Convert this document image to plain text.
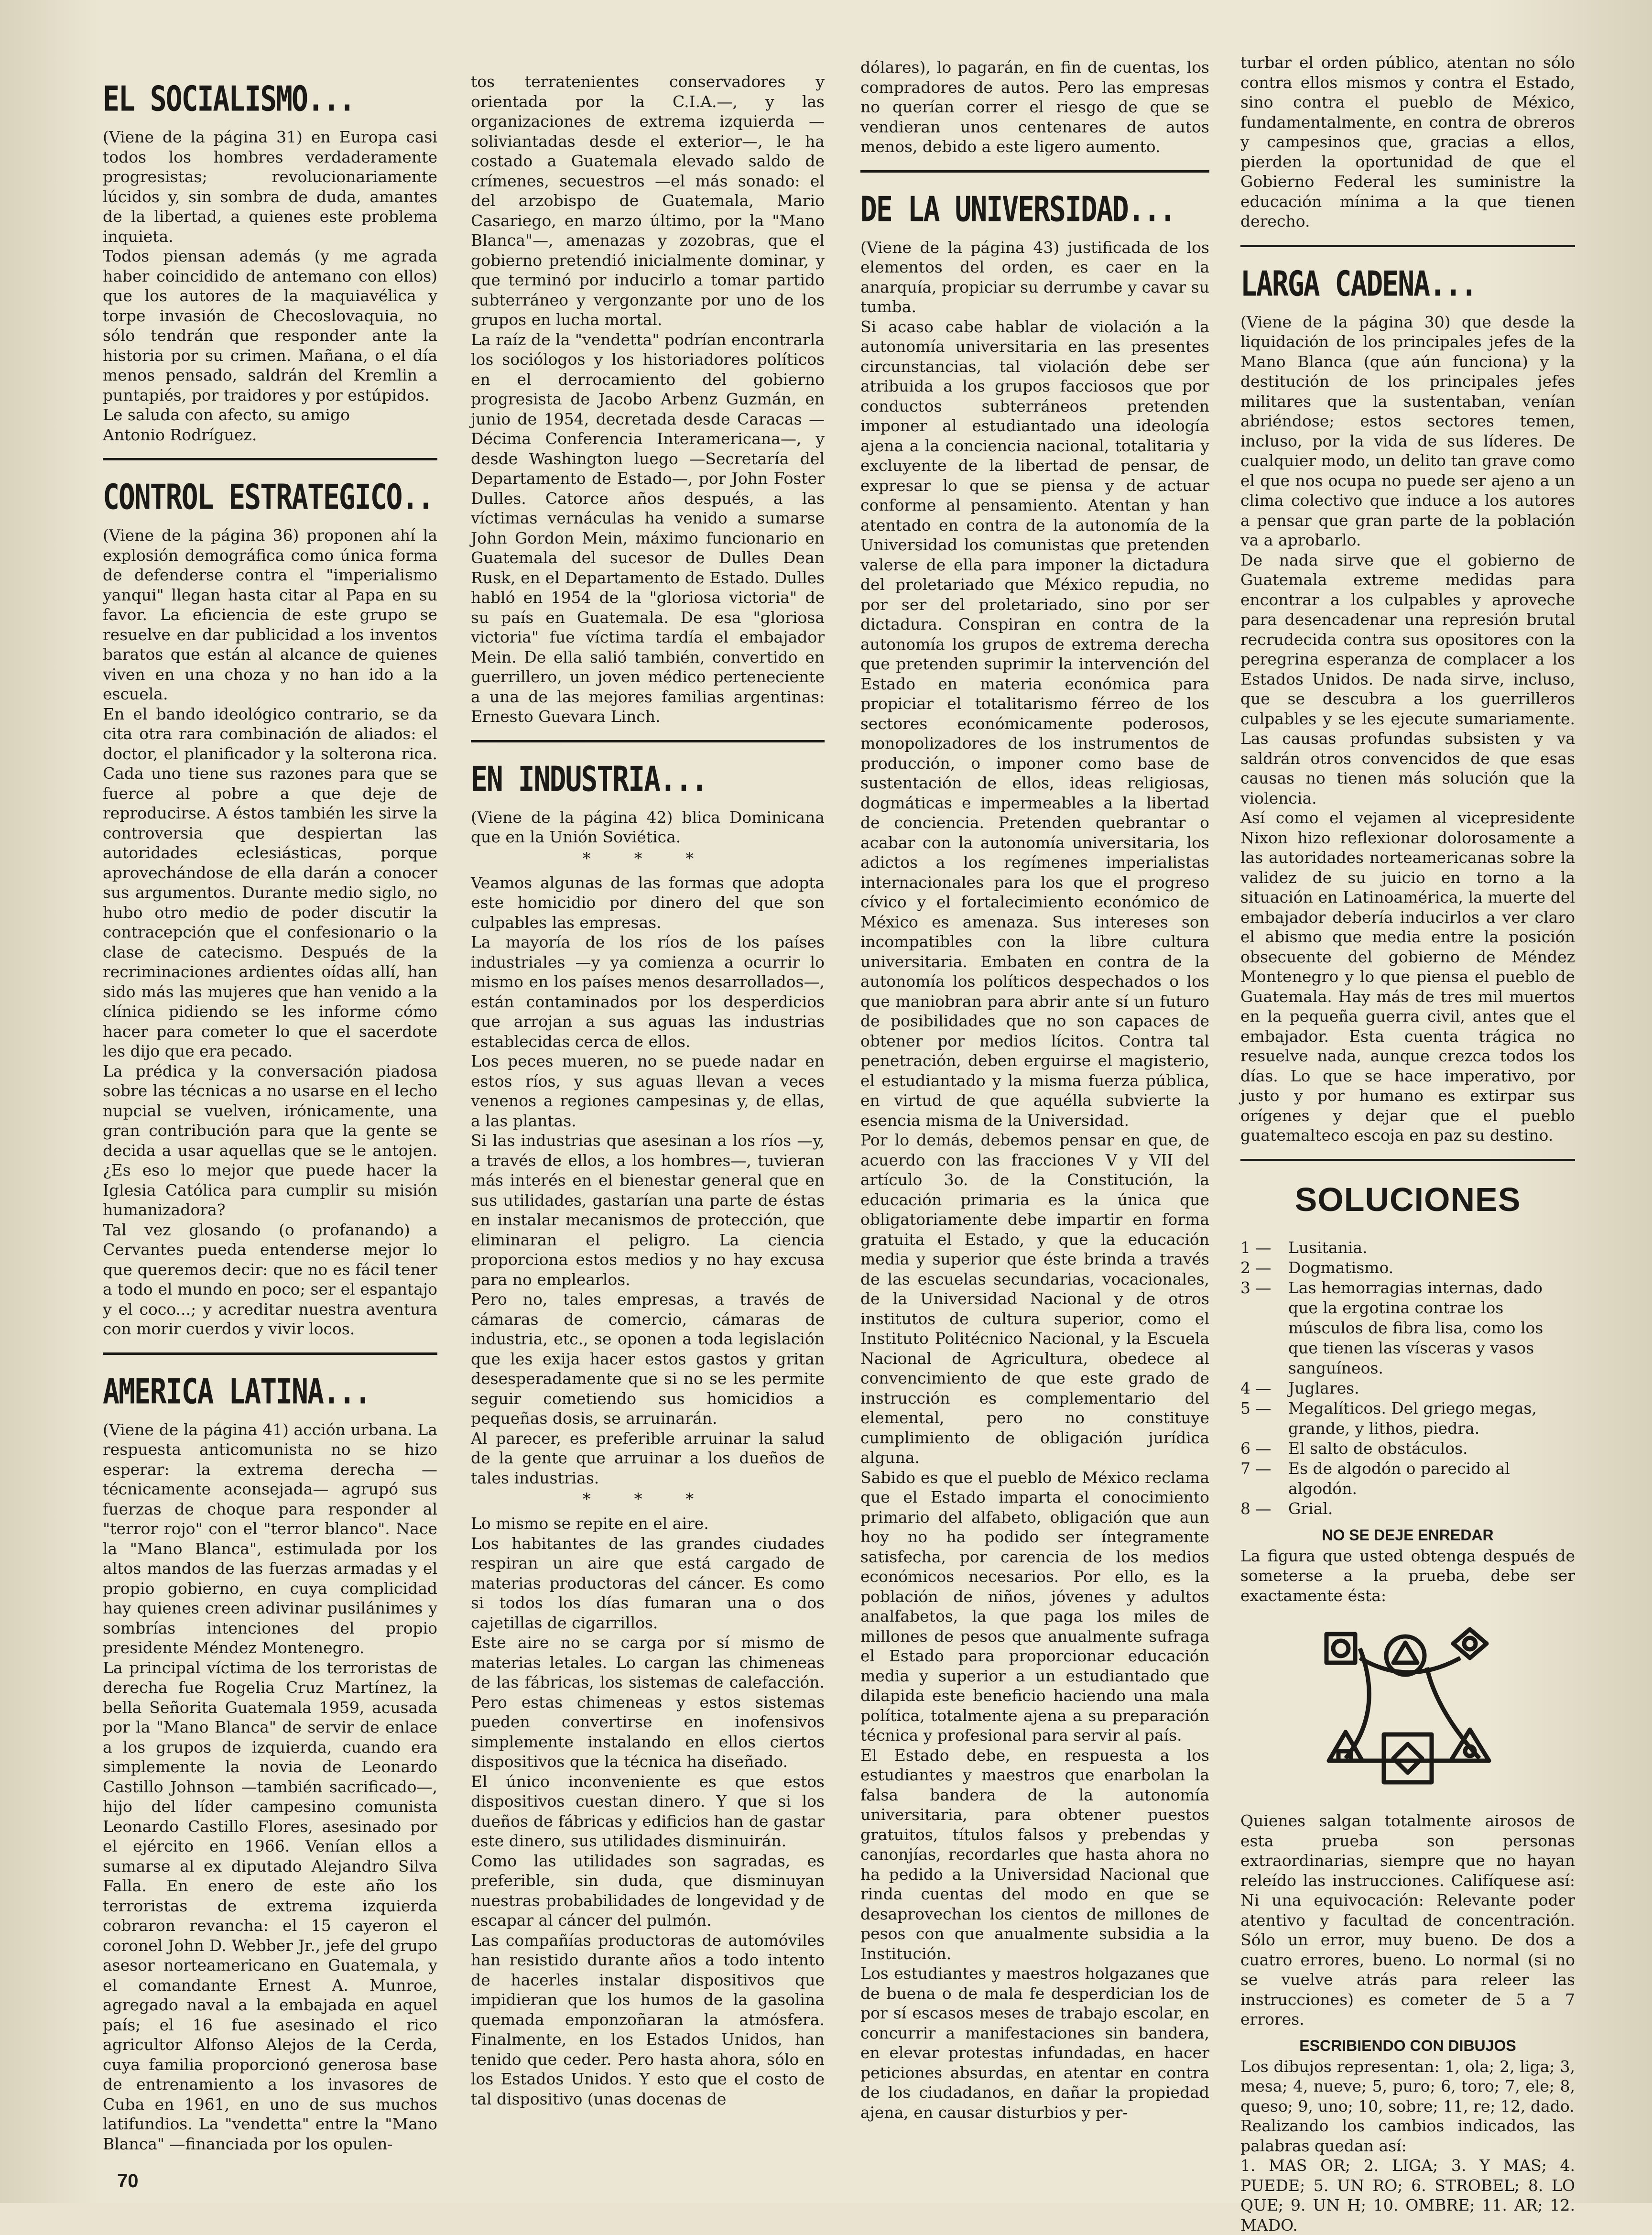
EL SOCIALISMO...

(Viene de la página 31) en Europa casi todos los hombres verdaderamente progresistas; revolucionariamente lúcidos y, sin sombra de duda, amantes de la libertad, a quienes este problema inquieta.
Todos piensan además (y me agrada haber coincidido de antemano con ellos) que los autores de la maquiavélica y torpe invasión de Checoslovaquia, no sólo tendrán que responder ante la historia por su crimen. Mañana, o el día menos pensado, saldrán del Kremlin a puntapiés, por traidores y por estúpidos.
Le saluda con afecto, su amigo
Antonio Rodríguez.

CONTROL ESTRATEGICO..

(Viene de la página 36) proponen ahí la explosión demográfica como única forma de defenderse contra el "imperialismo yanqui" llegan hasta citar al Papa en su favor. La eficiencia de este grupo se resuelve en dar publicidad a los inventos baratos que están al alcance de quienes viven en una choza y no han ido a la escuela.
En el bando ideológico contrario, se da cita otra rara combinación de aliados: el doctor, el planificador y la solterona rica. Cada uno tiene sus razones para que se fuerce al pobre a que deje de reproducirse. A éstos también les sirve la controversia que despiertan las autoridades eclesiásticas, porque aprovechándose de ella darán a conocer sus argumentos. Durante medio siglo, no hubo otro medio de poder discutir la contracepción que el confesionario o la clase de catecismo. Después de la recriminaciones ardientes oídas allí, han sido más las mujeres que han venido a la clínica pidiendo se les informe cómo hacer para cometer lo que el sacerdote les dijo que era pecado.
La prédica y la conversación piadosa sobre las técnicas a no usarse en el lecho nupcial se vuelven, irónicamente, una gran contribución para que la gente se decida a usar aquellas que se le antojen. ¿Es eso lo mejor que puede hacer la Iglesia Católica para cumplir su misión humanizadora?
Tal vez glosando (o profanando) a Cervantes pueda entenderse mejor lo que queremos decir: que no es fácil tener a todo el mundo en poco; ser el espantajo y el coco...; y acreditar nuestra aventura con morir cuerdos y vivir locos.

AMERICA LATINA...

(Viene de la página 41) acción urbana. La respuesta anticomunista no se hizo esperar: la extrema derecha —técnicamente aconsejada— agrupó sus fuerzas de choque para responder al "terror rojo" con el "terror blanco". Nace la "Mano Blanca", estimulada por los altos mandos de las fuerzas armadas y el propio gobierno, en cuya complicidad hay quienes creen adivinar pusilánimes y sombrías intenciones del propio presidente Méndez Montenegro.
La principal víctima de los terroristas de derecha fue Rogelia Cruz Martínez, la bella Señorita Guatemala 1959, acusada por la "Mano Blanca" de servir de enlace a los grupos de izquierda, cuando era simplemente la novia de Leonardo Castillo Johnson —también sacrificado—, hijo del líder campesino comunista Leonardo Castillo Flores, asesinado por el ejército en 1966. Venían ellos a sumarse al ex diputado Alejandro Silva Falla. En enero de este año los terroristas de extrema izquierda cobraron revancha: el 15 cayeron el coronel John D. Webber Jr., jefe del grupo asesor norteamericano en Guatemala, y el comandante Ernest A. Munroe, agregado naval a la embajada en aquel país; el 16 fue asesinado el rico agricultor Alfonso Alejos de la Cerda, cuya familia proporcionó generosa base de entrenamiento a los invasores de Cuba en 1961, en uno de sus muchos latifundios. La "vendetta" entre la "Mano Blanca" —financiada por los opulen-

tos terratenientes conservadores y orientada por la C.I.A.—, y las organizaciones de extrema izquierda —soliviantadas desde el exterior—, le ha costado a Guatemala elevado saldo de crímenes, secuestros —el más sonado: el del arzobispo de Guatemala, Mario Casariego, en marzo último, por la "Mano Blanca"—, amenazas y zozobras, que el gobierno pretendió inicialmente dominar, y que terminó por inducirlo a tomar partido subterráneo y vergonzante por uno de los grupos en lucha mortal.
La raíz de la "vendetta" podrían encontrarla los sociólogos y los historiadores políticos en el derrocamiento del gobierno progresista de Jacobo Arbenz Guzmán, en junio de 1954, decretada desde Caracas —Décima Conferencia Interamericana—, y desde Washington luego —Secretaría del Departamento de Estado—, por John Foster Dulles. Catorce años después, a las víctimas vernáculas ha venido a sumarse John Gordon Mein, máximo funcionario en Guatemala del sucesor de Dulles Dean Rusk, en el Departamento de Estado. Dulles habló en 1954 de la "gloriosa victoria" de su país en Guatemala. De esa "gloriosa victoria" fue víctima tardía el embajador Mein. De ella salió también, convertido en guerrillero, un joven médico perteneciente a una de las mejores familias argentinas: Ernesto Guevara Linch.

EN INDUSTRIA...

(Viene de la página 42) blica Dominicana que en la Unión Soviética.

* * *

Veamos algunas de las formas que adopta este homicidio por dinero del que son culpables las empresas.
La mayoría de los ríos de los países industriales —y ya comienza a ocurrir lo mismo en los países menos desarrollados—, están contaminados por los desperdicios que arrojan a sus aguas las industrias establecidas cerca de ellos.
Los peces mueren, no se puede nadar en estos ríos, y sus aguas llevan a veces venenos a regiones campesinas y, de ellas, a las plantas.
Si las industrias que asesinan a los ríos —y, a través de ellos, a los hombres—, tuvieran más interés en el bienestar general que en sus utilidades, gastarían una parte de éstas en instalar mecanismos de protección, que eliminaran el peligro. La ciencia proporciona estos medios y no hay excusa para no emplearlos.
Pero no, tales empresas, a través de cámaras de comercio, cámaras de industria, etc., se oponen a toda legislación que les exija hacer estos gastos y gritan desesperadamente que si no se les permite seguir cometiendo sus homicidios a pequeñas dosis, se arruinarán.
Al parecer, es preferible arruinar la salud de la gente que arruinar a los dueños de tales industrias.

* * *

Lo mismo se repite en el aire.
Los habitantes de las grandes ciudades respiran un aire que está cargado de materias productoras del cáncer. Es como si todos los días fumaran una o dos cajetillas de cigarrillos.
Este aire no se carga por sí mismo de materias letales. Lo cargan las chimeneas de las fábricas, los sistemas de calefacción. Pero estas chimeneas y estos sistemas pueden convertirse en inofensivos simplemente instalando en ellos ciertos dispositivos que la técnica ha diseñado.
El único inconveniente es que estos dispositivos cuestan dinero. Y que si los dueños de fábricas y edificios han de gastar este dinero, sus utilidades disminuirán.
Como las utilidades son sagradas, es preferible, sin duda, que disminuyan nuestras probabilidades de longevidad y de escapar al cáncer del pulmón.
Las compañías productoras de automóviles han resistido durante años a todo intento de hacerles instalar dispositivos que impidieran que los humos de la gasolina quemada emponzoñaran la atmósfera. Finalmente, en los Estados Unidos, han tenido que ceder. Pero hasta ahora, sólo en los Estados Unidos. Y esto que el costo de tal dispositivo (unas docenas de

dólares), lo pagarán, en fin de cuentas, los compradores de autos. Pero las empresas no querían correr el riesgo de que se vendieran unos centenares de autos menos, debido a este ligero aumento.

DE LA UNIVERSIDAD...

(Viene de la página 43) justificada de los elementos del orden, es caer en la anarquía, propiciar su derrumbe y cavar su tumba.
Si acaso cabe hablar de violación a la autonomía universitaria en las presentes circunstancias, tal violación debe ser atribuida a los grupos facciosos que por conductos subterráneos pretenden imponer al estudiantado una ideología ajena a la conciencia nacional, totalitaria y excluyente de la libertad de pensar, de expresar lo que se piensa y de actuar conforme al pensamiento. Atentan y han atentado en contra de la autonomía de la Universidad los comunistas que pretenden valerse de ella para imponer la dictadura del proletariado que México repudia, no por ser del proletariado, sino por ser dictadura. Conspiran en contra de la autonomía los grupos de extrema derecha que pretenden suprimir la intervención del Estado en materia económica para propiciar el totalitarismo férreo de los sectores económicamente poderosos, monopolizadores de los instrumentos de producción, o imponer como base de sustentación de ellos, ideas religiosas, dogmáticas e impermeables a la libertad de conciencia. Pretenden quebrantar o acabar con la autonomía universitaria, los adictos a los regímenes imperialistas internacionales para los que el progreso cívico y el fortalecimiento económico de México es amenaza. Sus intereses son incompatibles con la libre cultura universitaria. Embaten en contra de la autonomía los políticos despechados o los que maniobran para abrir ante sí un futuro de posibilidades que no son capaces de obtener por medios lícitos. Contra tal penetración, deben erguirse el magisterio, el estudiantado y la misma fuerza pública, en virtud de que aquélla subvierte la esencia misma de la Universidad.
Por lo demás, debemos pensar en que, de acuerdo con las fracciones V y VII del artículo 3o. de la Constitución, la educación primaria es la única que obligatoriamente debe impartir en forma gratuita el Estado, y que la educación media y superior que éste brinda a través de las escuelas secundarias, vocacionales, de la Universidad Nacional y de otros institutos de cultura superior, como el Instituto Politécnico Nacional, y la Escuela Nacional de Agricultura, obedece al convencimiento de que este grado de instrucción es complementario del elemental, pero no constituye cumplimiento de obligación jurídica alguna.
Sabido es que el pueblo de México reclama que el Estado imparta el conocimiento primario del alfabeto, obligación que aun hoy no ha podido ser íntegramente satisfecha, por carencia de los medios económicos necesarios. Por ello, es la población de niños, jóvenes y adultos analfabetos, la que paga los miles de millones de pesos que anualmente sufraga el Estado para proporcionar educación media y superior a un estudiantado que dilapida este beneficio haciendo una mala política, totalmente ajena a su preparación técnica y profesional para servir al país.
El Estado debe, en respuesta a los estudiantes y maestros que enarbolan la falsa bandera de la autonomía universitaria, para obtener puestos gratuitos, títulos falsos y prebendas y canonjías, recordarles que hasta ahora no ha pedido a la Universidad Nacional que rinda cuentas del modo en que se desaprovechan los cientos de millones de pesos con que anualmente subsidia a la Institución.
Los estudiantes y maestros holgazanes que de buena o de mala fe desperdician los de por sí escasos meses de trabajo escolar, en concurrir a manifestaciones sin bandera, en elevar protestas infundadas, en hacer peticiones absurdas, en atentar en contra de los ciudadanos, en dañar la propiedad ajena, en causar disturbios y per-

turbar el orden público, atentan no sólo contra ellos mismos y contra el Estado, sino contra el pueblo de México, fundamentalmente, en contra de obreros y campesinos que, gracias a ellos, pierden la oportunidad de que el Gobierno Federal les suministre la educación mínima a la que tienen derecho.

LARGA CADENA...

(Viene de la página 30) que desde la liquidación de los principales jefes de la Mano Blanca (que aún funciona) y la destitución de los principales jefes militares que la sustentaban, venían abriéndose; estos sectores temen, incluso, por la vida de sus líderes. De cualquier modo, un delito tan grave como el que nos ocupa no puede ser ajeno a un clima colectivo que induce a los autores a pensar que gran parte de la población va a aprobarlo.
De nada sirve que el gobierno de Guatemala extreme medidas para encontrar a los culpables y aproveche para desencadenar una represión brutal recrudecida contra sus opositores con la peregrina esperanza de complacer a los Estados Unidos. De nada sirve, incluso, que se descubra a los guerrilleros culpables y se les ejecute sumariamente. Las causas profundas subsisten y va saldrán otros convencidos de que esas causas no tienen más solución que la violencia.
Así como el vejamen al vicepresidente Nixon hizo reflexionar dolorosamente a las autoridades norteamericanas sobre la validez de su juicio en torno a la situación en Latinoamérica, la muerte del embajador debería inducirlos a ver claro el abismo que media entre la posición obsecuente del gobierno de Méndez Montenegro y lo que piensa el pueblo de Guatemala. Hay más de tres mil muertos en la pequeña guerra civil, antes que el embajador. Esta cuenta trágica no resuelve nada, aunque crezca todos los días. Lo que se hace imperativo, por justo y por humano es extirpar sus orígenes y dejar que el pueblo guatemalteco escoja en paz su destino.

SOLUCIONES
1 —	Lusitania.
2 —	Dogmatismo.
3 —	Las hemorragias internas, dado que la ergotina contrae los músculos de fibra lisa, como los que tienen las vísceras y vasos sanguíneos.
4 —	Juglares.
5 —	Megalíticos. Del griego megas, grande, y lithos, piedra.
6 —	El salto de obstáculos.
7 —	Es de algodón o parecido al algodón.
8 —	Grial.
NO SE DEJE ENREDAR

La figura que usted obtenga después de someterse a la prueba, debe ser exactamente ésta:

Quienes salgan totalmente airosos de esta prueba son personas extraordinarias, siempre que no hayan releído las instrucciones. Califíquese así: Ni una equivocación: Relevante poder atentivo y facultad de concentración. Sólo un error, muy bueno. De dos a cuatro errores, bueno. Lo normal (si no se vuelve atrás para releer las instrucciones) es cometer de 5 a 7 errores.

ESCRIBIENDO CON DIBUJOS

Los dibujos representan: 1, ola; 2, liga; 3, mesa; 4, nueve; 5, puro; 6, toro; 7, ele; 8, queso; 9, uno; 10, sobre; 11, re; 12, dado.
Realizando los cambios indicados, las palabras quedan así:
1. MAS OR; 2. LIGA; 3. Y MAS; 4. PUEDE; 5. UN RO; 6. STROBEL; 8. LO QUE; 9. UN H; 10. OMBRE; 11. AR; 12. MADO.

70
